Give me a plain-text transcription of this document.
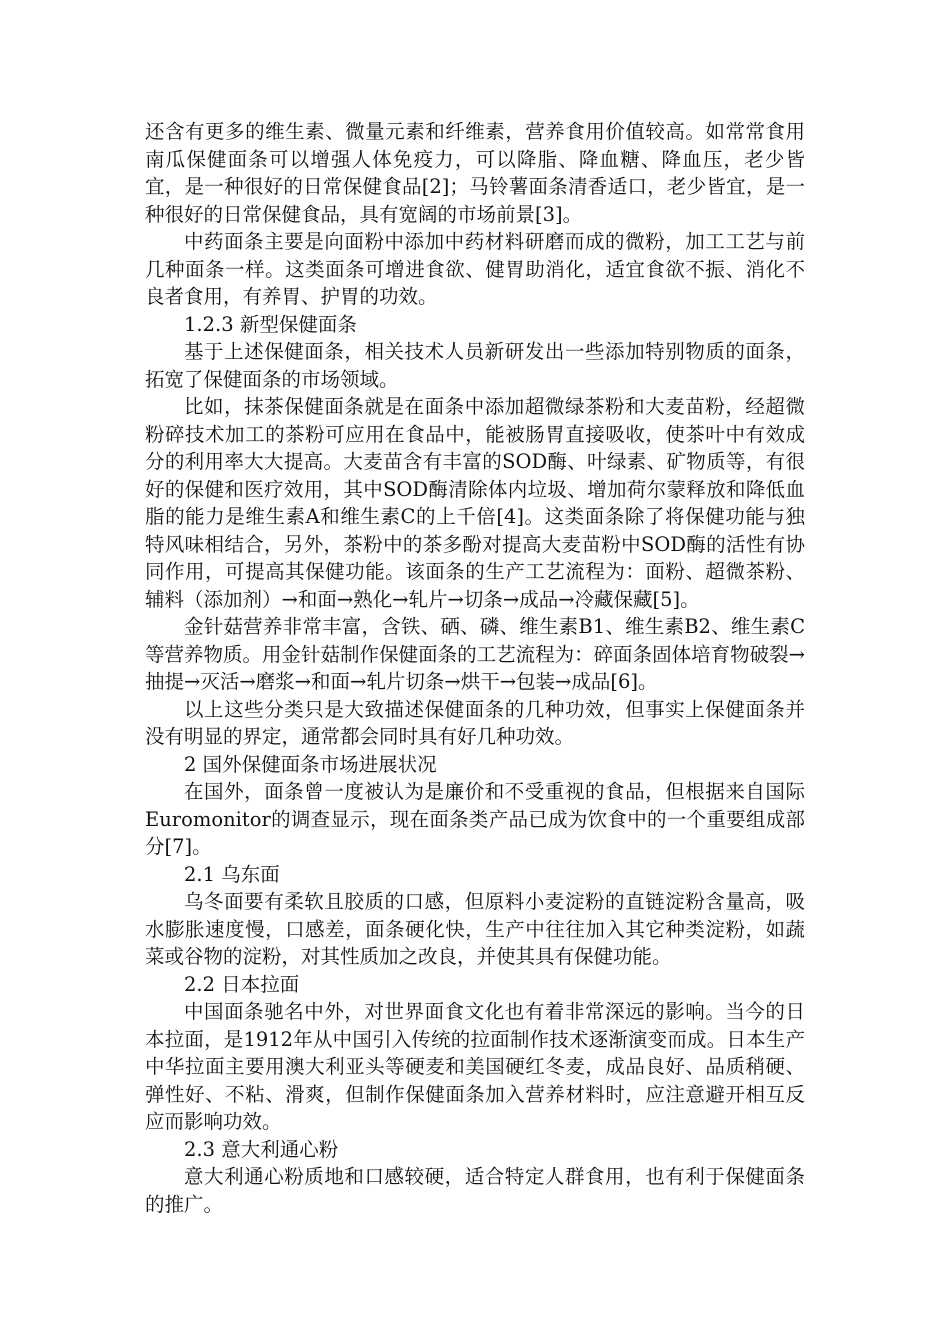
还含有更多的维生素、微量元素和纤维素，营养食用价值较高。如常常食用南瓜保健面条可以增强人体免疫力，可以降脂、降血糖、降血压，老少皆宜，是一种很好的日常保健食品[2]；马铃薯面条清香适口，老少皆宜，是一种很好的日常保健食品，具有宽阔的市场前景[3]。

中药面条主要是向面粉中添加中药材料研磨而成的微粉，加工工艺与前几种面条一样。这类面条可增进食欲、健胃助消化，适宜食欲不振、消化不良者食用，有养胃、护胃的功效。

1.2.3 新型保健面条

基于上述保健面条，相关技术人员新研发出一些添加特别物质的面条，拓宽了保健面条的市场领域。

比如，抹茶保健面条就是在面条中添加超微绿茶粉和大麦苗粉，经超微粉碎技术加工的茶粉可应用在食品中，能被肠胃直接吸收，使茶叶中有效成分的利用率大大提高。大麦苗含有丰富的SOD酶、叶绿素、矿物质等，有很好的保健和医疗效用，其中SOD酶清除体内垃圾、增加荷尔蒙释放和降低血脂的能力是维生素A和维生素C的上千倍[4]。这类面条除了将保健功能与独特风味相结合，另外，茶粉中的茶多酚对提高大麦苗粉中SOD酶的活性有协同作用，可提高其保健功能。该面条的生产工艺流程为：面粉、超微茶粉、辅料（添加剂）→和面→熟化→轧片→切条→成品→冷藏保藏[5]。

金针菇营养非常丰富，含铁、硒、磷、维生素B1、维生素B2、维生素C等营养物质。用金针菇制作保健面条的工艺流程为：碎面条固体培育物破裂→抽提→灭活→磨浆→和面→轧片切条→烘干→包装→成品[6]。

以上这些分类只是大致描述保健面条的几种功效，但事实上保健面条并没有明显的界定，通常都会同时具有好几种功效。

2 国外保健面条市场进展状况

在国外，面条曾一度被认为是廉价和不受重视的食品，但根据来自国际Euromonitor的调查显示，现在面条类产品已成为饮食中的一个重要组成部分[7]。

2.1 乌东面

乌冬面要有柔软且胶质的口感，但原料小麦淀粉的直链淀粉含量高，吸水膨胀速度慢，口感差，面条硬化快，生产中往往加入其它种类淀粉，如蔬菜或谷物的淀粉，对其性质加之改良，并使其具有保健功能。

2.2 日本拉面

中国面条驰名中外，对世界面食文化也有着非常深远的影响。当今的日本拉面，是1912年从中国引入传统的拉面制作技术逐渐演变而成。日本生产中华拉面主要用澳大利亚头等硬麦和美国硬红冬麦，成品良好、品质稍硬、弹性好、不粘、滑爽，但制作保健面条加入营养材料时，应注意避开相互反应而影响功效。

2.3 意大利通心粉

意大利通心粉质地和口感较硬，适合特定人群食用，也有利于保健面条的推广。
